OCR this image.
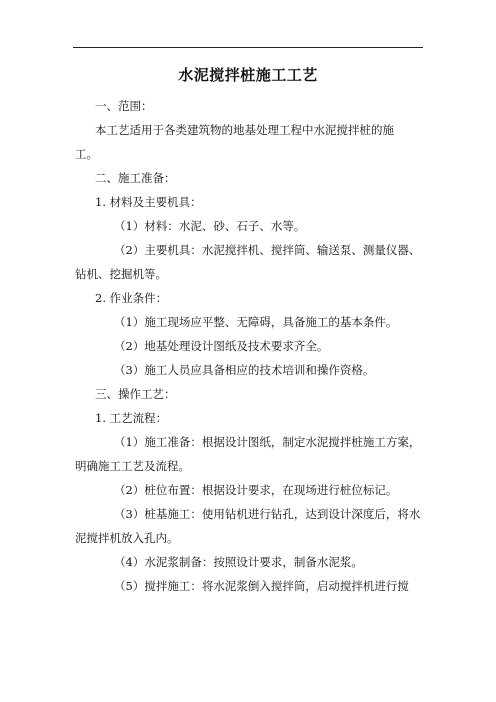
水泥搅拌桩施工工艺
一、范围：
本工艺适用于各类建筑物的地基处理工程中水泥搅拌桩的施
工。
二、施工准备：
1. 材料及主要机具：
（1）材料：水泥、砂、石子、水等。
（2）主要机具：水泥搅拌机、搅拌筒、输送泵、测量仪器、
钻机、挖掘机等。
2. 作业条件：
（1）施工现场应平整、无障碍，具备施工的基本条件。
（2）地基处理设计图纸及技术要求齐全。
（3）施工人员应具备相应的技术培训和操作资格。
三、操作工艺：
1. 工艺流程：
（1）施工准备：根据设计图纸，制定水泥搅拌桩施工方案，
明确施工工艺及流程。
（2）桩位布置：根据设计要求，在现场进行桩位标记。
（3）桩基施工：使用钻机进行钻孔，达到设计深度后，将水
泥搅拌机放入孔内。
（4）水泥浆制备：按照设计要求，制备水泥浆。
（5）搅拌施工：将水泥浆倒入搅拌筒，启动搅拌机进行搅
